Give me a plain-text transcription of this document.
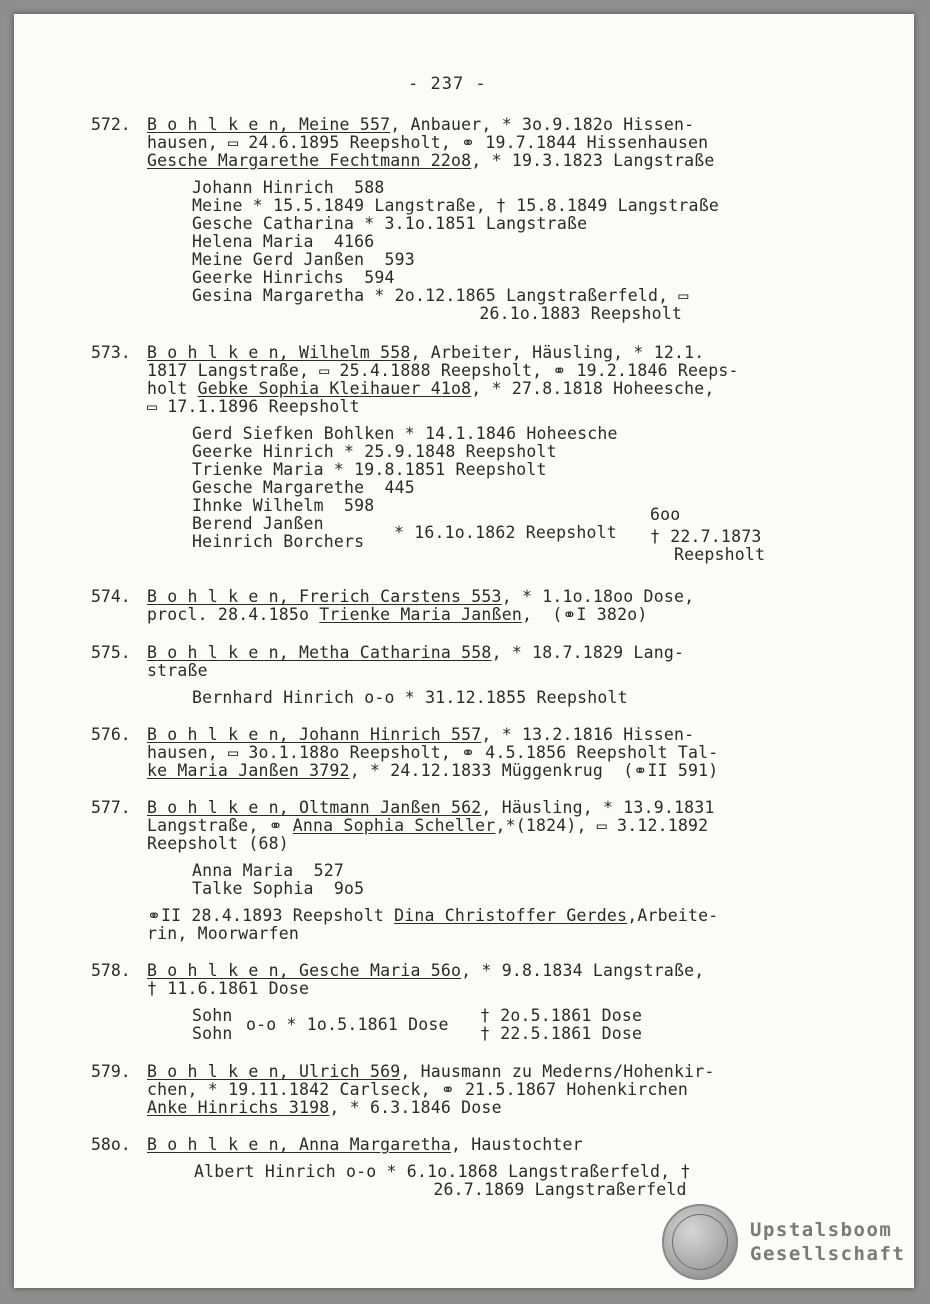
- 237 -
572. B o h l k e n, Meine 557, Anbauer, * 3o.9.182o Hissen-
hausen, ▭ 24.6.1895 Reepsholt, ⚭ 19.7.1844 Hissenhausen
Gesche Margarethe Fechtmann 22o8, * 19.3.1823 Langstraße
Johann Hinrich  588
Meine * 15.5.1849 Langstraße, † 15.8.1849 Langstraße
Gesche Catharina * 3.1o.1851 Langstraße
Helena Maria  4166
Meine Gerd Janßen  593
Geerke Hinrichs  594
Gesina Margaretha * 2o.12.1865 Langstraßerfeld, ▭
26.1o.1883 Reepsholt
573. B o h l k e n, Wilhelm 558, Arbeiter, Häusling, * 12.1.
1817 Langstraße, ▭ 25.4.1888 Reepsholt, ⚭ 19.2.1846 Reeps-
holt Gebke Sophia Kleihauer 41o8, * 27.8.1818 Hoheesche,
▭ 17.1.1896 Reepsholt
Gerd Siefken Bohlken * 14.1.1846 Hoheesche
Geerke Hinrich * 25.9.1848 Reepsholt
Trienke Maria * 19.8.1851 Reepsholt
Gesche Margarethe  445
Ihnke Wilhelm  598
Berend Janßen
Heinrich Borchers * 16.1o.1862 Reepsholt
6oo
† 22.7.1873
Reepsholt
574. B o h l k e n, Frerich Carstens 553, * 1.1o.18oo Dose,
procl. 28.4.185o Trienke Maria Janßen,  (⚭I 382o)
575. B o h l k e n, Metha Catharina 558, * 18.7.1829 Lang-
straße
Bernhard Hinrich o-o * 31.12.1855 Reepsholt
576. B o h l k e n, Johann Hinrich 557, * 13.2.1816 Hissen-
hausen, ▭ 3o.1.188o Reepsholt, ⚭ 4.5.1856 Reepsholt Tal-
ke Maria Janßen 3792, * 24.12.1833 Müggenkrug  (⚭II 591)
577. B o h l k e n, Oltmann Janßen 562, Häusling, * 13.9.1831
Langstraße, ⚭ Anna Sophia Scheller,*(1824), ▭ 3.12.1892
Reepsholt (68)
Anna Maria  527
Talke Sophia  9o5
⚭II 28.4.1893 Reepsholt Dina Christoffer Gerdes,Arbeite-
rin, Moorwarfen
578. B o h l k e n, Gesche Maria 56o, * 9.8.1834 Langstraße,
† 11.6.1861 Dose
Sohn
Sohn o-o * 1o.5.1861 Dose † 2o.5.1861 Dose
† 22.5.1861 Dose
579. B o h l k e n, Ulrich 569, Hausmann zu Mederns/Hohenkir-
chen, * 19.11.1842 Carlseck, ⚭ 21.5.1867 Hohenkirchen
Anke Hinrichs 3198, * 6.3.1846 Dose
58o. B o h l k e n, Anna Margaretha, Haustochter
Albert Hinrich o-o * 6.1o.1868 Langstraßerfeld, †
26.7.1869 Langstraßerfeld
Upstalsboom
Gesellschaft
